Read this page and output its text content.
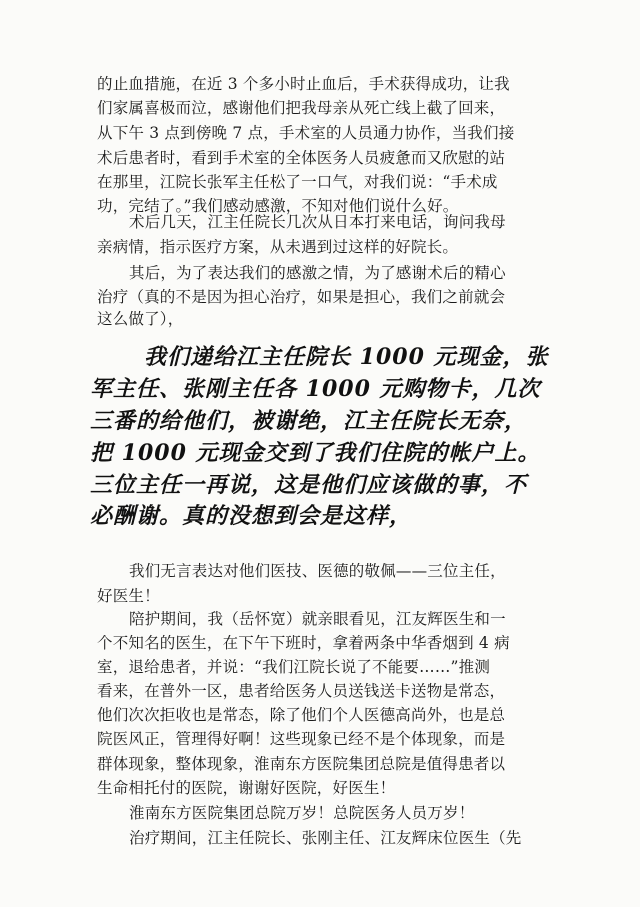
的止血措施，在近 3 个多小时止血后，手术获得成功，让我
们家属喜极而泣，感谢他们把我母亲从死亡线上截了回来，
从下午 3 点到傍晚 7 点，手术室的人员通力协作，当我们接
术后患者时，看到手术室的全体医务人员疲惫而又欣慰的站
在那里，江院长张军主任松了一口气，对我们说：“手术成
功，完结了。”我们感动感激，不知对他们说什么好。
术后几天，江主任院长几次从日本打来电话，询问我母
亲病情，指示医疗方案，从未遇到过这样的好院长。
其后，为了表达我们的感激之情，为了感谢术后的精心
治疗（真的不是因为担心治疗，如果是担心，我们之前就会
这么做了），
我们递给江主任院长 1000 元现金，张
军主任、张刚主任各 1000 元购物卡，几次
三番的给他们，被谢绝，江主任院长无奈，
把 1000 元现金交到了我们住院的帐户上。
三位主任一再说，这是他们应该做的事，不
必酬谢。真的没想到会是这样，
我们无言表达对他们医技、医德的敬佩——三位主任，
好医生！
陪护期间，我（岳怀宽）就亲眼看见，江友辉医生和一
个不知名的医生，在下午下班时，拿着两条中华香烟到 4 病
室，退给患者，并说：“我们江院长说了不能要……”推测
看来，在普外一区，患者给医务人员送钱送卡送物是常态，
他们次次拒收也是常态，除了他们个人医德高尚外，也是总
院医风正，管理得好啊！这些现象已经不是个体现象，而是
群体现象，整体现象，淮南东方医院集团总院是值得患者以
生命相托付的医院，谢谢好医院，好医生！
淮南东方医院集团总院万岁！总院医务人员万岁！
治疗期间，江主任院长、张刚主任、江友辉床位医生（先
